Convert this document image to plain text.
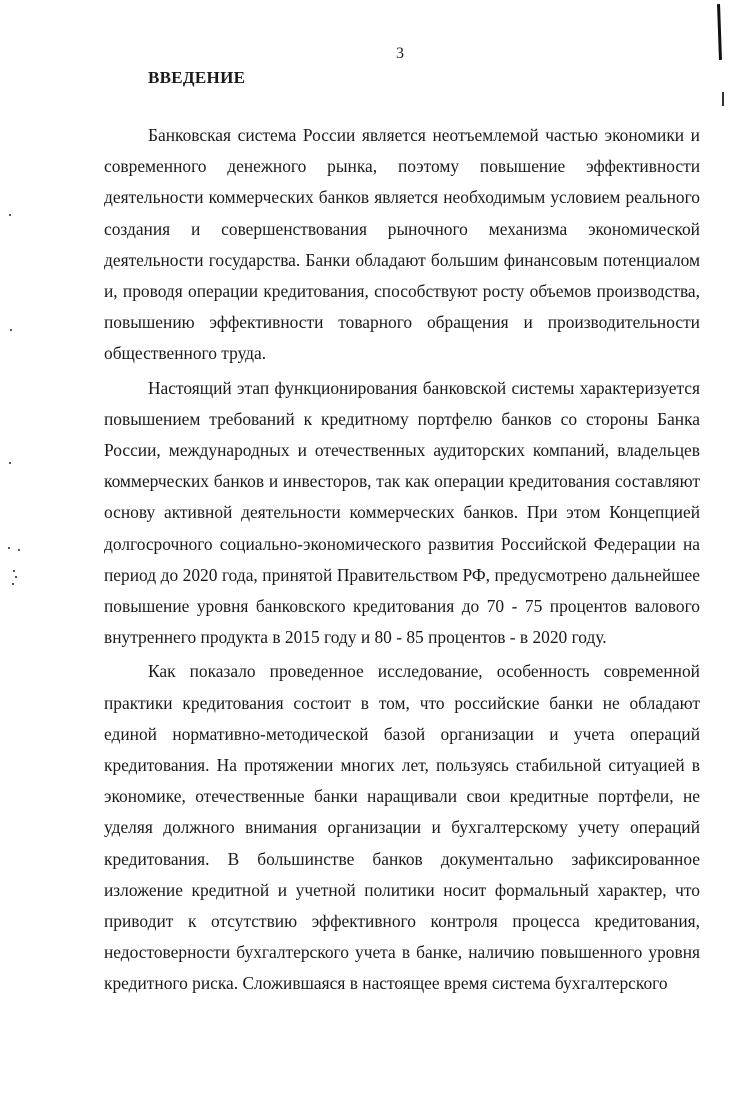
3
ВВЕДЕНИЕ

Банковская система России является неотъемлемой частью экономики и современного денежного рынка, поэтому повышение эффективности деятельности коммерческих банков является необходимым условием реального создания и совершенствования рыночного механизма экономической деятельности государства. Банки обладают большим финансовым потенциалом и, проводя операции кредитования, способствуют росту объемов производства, повышению эффективности товарного обращения и производительности общественного труда.

Настоящий этап функционирования банковской системы характеризуется повышением требований к кредитному портфелю банков со стороны Банка России, международных и отечественных аудиторских компаний, владельцев коммерческих банков и инвесторов, так как операции кредитования составляют основу активной деятельности коммерческих банков. При этом Концепцией долгосрочного социально-экономического развития Российской Федерации на период до 2020 года, принятой Правительством РФ, предусмотрено дальнейшее повышение уровня банковского кредитования до 70 - 75 процентов валового внутреннего продукта в 2015 году и 80 - 85 процентов - в 2020 году.

Как показало проведенное исследование, особенность современной практики кредитования состоит в том, что российские банки не обладают единой нормативно-методической базой организации и учета операций кредитования. На протяжении многих лет, пользуясь стабильной ситуацией в экономике, отечественные банки наращивали свои кредитные портфели, не уделяя должного внимания организации и бухгалтерскому учету операций кредитования. В большинстве банков документально зафиксированное изложение кредитной и учетной политики носит формальный характер, что приводит к отсутствию эффективного контроля процесса кредитования, недостоверности бухгалтерского учета в банке, наличию повышенного уровня кредитного риска. Сложившаяся в настоящее время система бухгалтерского
